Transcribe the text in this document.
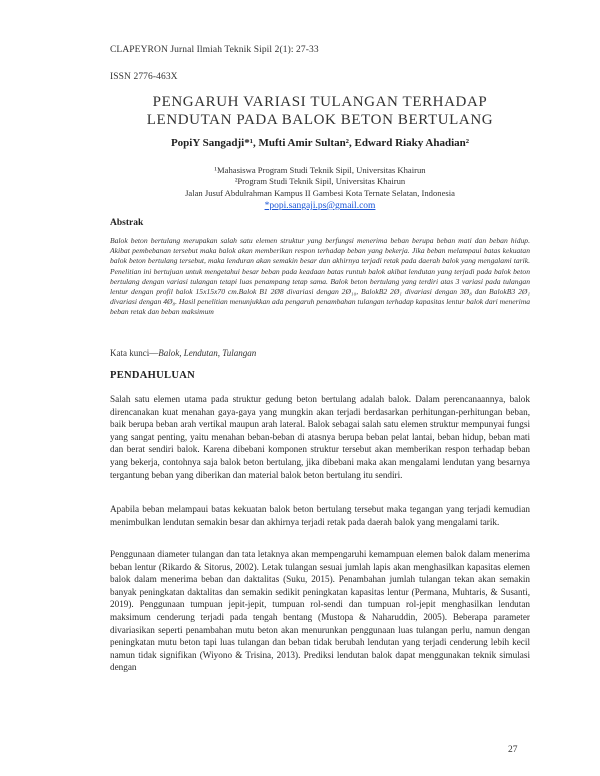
CLAPEYRON Jurnal Ilmiah Teknik Sipil 2(1): 27-33
ISSN 2776-463X
PENGARUH VARIASI TULANGAN TERHADAP LENDUTAN PADA BALOK BETON BERTULANG
PopiY Sangadji*¹, Mufti Amir Sultan², Edward Riaky Ahadian²
¹Mahasiswa Program Studi Teknik Sipil, Universitas Khairun
²Program Studi Teknik Sipil, Universitas Khairun
Jalan Jusuf Abdulrahman Kampus II Gambesi Kota Ternate Selatan, Indonesia
*popi.sangaji.ps@gmail.com
Abstrak
Balok beton bertulang merupakan salah satu elemen struktur yang berfungsi menerima beban berupa beban mati dan beban hidup. Akibat pembebanan tersebut maka balok akan memberikan respon terhadap beban yang bekerja. Jika beban melampaui batas kekuatan balok beton bertulang tersebut, maka lenduran akan semakin besar dan akhirnya terjadi retak pada daerah balok yang mengalami tarik. Penelitian ini bertujuan untuk mengetahui besar beban pada keadaan batas runtuh balok akibat lendutan yang terjadi pada balok beton bertulang dengan variasi tulangan tetapi luas penampang tetap sama. Balok beton bertulang yang terdiri atas 3 variasi pada tulangan lentur dengan profil balok 15x15x70 cm.Balok B1 2Ø8 divariasi dengan 2Ø₁₀, BalokB2 2Ø₁ divariasi dengan 3Ø₈ dan BalokB3 2Ø₁ divariasi dengan 4Ø₈. Hasil penelitian menunjukkan ada pengaruh penambahan tulangan terhadap kapasitas lentur balok dari menerima beban retak dan beban maksimum
Kata kunci—Balok, Lendutan, Tulangan
PENDAHULUAN

Salah satu elemen utama pada struktur gedung beton bertulang adalah balok. Dalam perencanaannya, balok direncanakan kuat menahan gaya-gaya yang mungkin akan terjadi berdasarkan perhitungan-perhitungan beban, baik berupa beban arah vertikal maupun arah lateral. Balok sebagai salah satu elemen struktur mempunyai fungsi yang sangat penting, yaitu menahan beban-beban di atasnya berupa beban pelat lantai, beban hidup, beban mati dan berat sendiri balok. Karena dibebani komponen struktur tersebut akan memberikan respon terhadap beban yang bekerja, contohnya saja balok beton bertulang, jika dibebani maka akan mengalami lendutan yang besarnya tergantung beban yang diberikan dan material balok beton bertulang itu sendiri.

Apabila beban melampaui batas kekuatan balok beton bertulang tersebut maka tegangan yang terjadi kemudian menimbulkan lendutan semakin besar dan akhirnya terjadi retak pada daerah balok yang mengalami tarik.

Penggunaan diameter tulangan dan tata letaknya akan mempengaruhi kemampuan elemen balok dalam menerima beban lentur (Rikardo & Sitorus, 2002). Letak tulangan sesuai jumlah lapis akan menghasilkan kapasitas elemen balok dalam menerima beban dan daktalitas (Suku, 2015). Penambahan jumlah tulangan tekan akan semakin banyak peningkatan daktalitas dan semakin sedikit peningkatan kapasitas lentur (Permana, Muhtaris, & Susanti, 2019). Penggunaan tumpuan jepit-jepit, tumpuan rol-sendi dan tumpuan rol-jepit menghasilkan lendutan maksimum cenderung terjadi pada tengah bentang (Mustopa & Naharuddin, 2005). Beberapa parameter divariasikan seperti penambahan mutu beton akan menurunkan penggunaan luas tulangan perlu, namun dengan peningkatan mutu beton tapi luas tulangan dan beban tidak berubah lendutan yang terjadi cenderung lebih kecil namun tidak signifikan (Wiyono & Trisina, 2013). Prediksi lendutan balok dapat menggunakan teknik simulasi dengan

27
